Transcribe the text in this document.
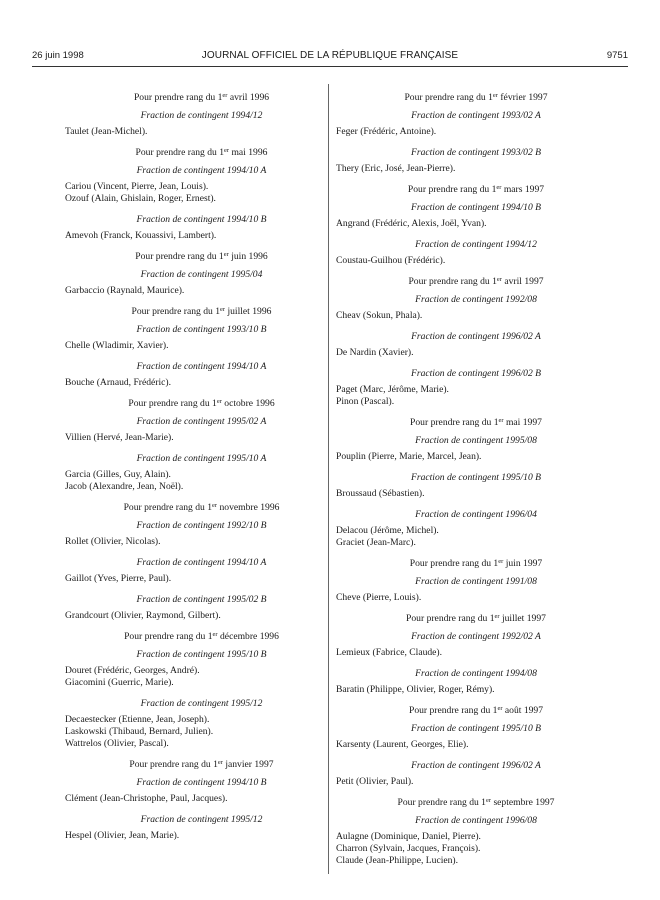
26 juin 1998	JOURNAL OFFICIEL DE LA RÉPUBLIQUE FRANÇAISE	9751
Pour prendre rang du 1er avril 1996
Fraction de contingent 1994/12
Taulet (Jean-Michel).
Pour prendre rang du 1er mai 1996
Fraction de contingent 1994/10 A
Cariou (Vincent, Pierre, Jean, Louis).
Ozouf (Alain, Ghislain, Roger, Ernest).
Fraction de contingent 1994/10 B
Amevoh (Franck, Kouassivi, Lambert).
Pour prendre rang du 1er juin 1996
Fraction de contingent 1995/04
Garbaccio (Raynald, Maurice).
Pour prendre rang du 1er juillet 1996
Fraction de contingent 1993/10 B
Chelle (Wladimir, Xavier).
Fraction de contingent 1994/10 A
Bouche (Arnaud, Frédéric).
Pour prendre rang du 1er octobre 1996
Fraction de contingent 1995/02 A
Villien (Hervé, Jean-Marie).
Fraction de contingent 1995/10 A
Garcia (Gilles, Guy, Alain).
Jacob (Alexandre, Jean, Noël).
Pour prendre rang du 1er novembre 1996
Fraction de contingent 1992/10 B
Rollet (Olivier, Nicolas).
Fraction de contingent 1994/10 A
Gaillot (Yves, Pierre, Paul).
Fraction de contingent 1995/02 B
Grandcourt (Olivier, Raymond, Gilbert).
Pour prendre rang du 1er décembre 1996
Fraction de contingent 1995/10 B
Douret (Frédéric, Georges, André).
Giacomini (Guerric, Marie).
Fraction de contingent 1995/12
Decaestecker (Etienne, Jean, Joseph).
Laskowski (Thibaud, Bernard, Julien).
Wattrelos (Olivier, Pascal).
Pour prendre rang du 1er janvier 1997
Fraction de contingent 1994/10 B
Clément (Jean-Christophe, Paul, Jacques).
Fraction de contingent 1995/12
Hespel (Olivier, Jean, Marie).
Pour prendre rang du 1er février 1997
Fraction de contingent 1993/02 A
Feger (Frédéric, Antoine).
Fraction de contingent 1993/02 B
Thery (Eric, José, Jean-Pierre).
Pour prendre rang du 1er mars 1997
Fraction de contingent 1994/10 B
Angrand (Frédéric, Alexis, Joël, Yvan).
Fraction de contingent 1994/12
Coustau-Guilhou (Frédéric).
Pour prendre rang du 1er avril 1997
Fraction de contingent 1992/08
Cheav (Sokun, Phala).
Fraction de contingent 1996/02 A
De Nardin (Xavier).
Fraction de contingent 1996/02 B
Paget (Marc, Jérôme, Marie).
Pinon (Pascal).
Pour prendre rang du 1er mai 1997
Fraction de contingent 1995/08
Pouplin (Pierre, Marie, Marcel, Jean).
Fraction de contingent 1995/10 B
Broussaud (Sébastien).
Fraction de contingent 1996/04
Delacou (Jérôme, Michel).
Graciet (Jean-Marc).
Pour prendre rang du 1er juin 1997
Fraction de contingent 1991/08
Cheve (Pierre, Louis).
Pour prendre rang du 1er juillet 1997
Fraction de contingent 1992/02 A
Lemieux (Fabrice, Claude).
Fraction de contingent 1994/08
Baratin (Philippe, Olivier, Roger, Rémy).
Pour prendre rang du 1er août 1997
Fraction de contingent 1995/10 B
Karsenty (Laurent, Georges, Elie).
Fraction de contingent 1996/02 A
Petit (Olivier, Paul).
Pour prendre rang du 1er septembre 1997
Fraction de contingent 1996/08
Aulagne (Dominique, Daniel, Pierre).
Charron (Sylvain, Jacques, François).
Claude (Jean-Philippe, Lucien).
